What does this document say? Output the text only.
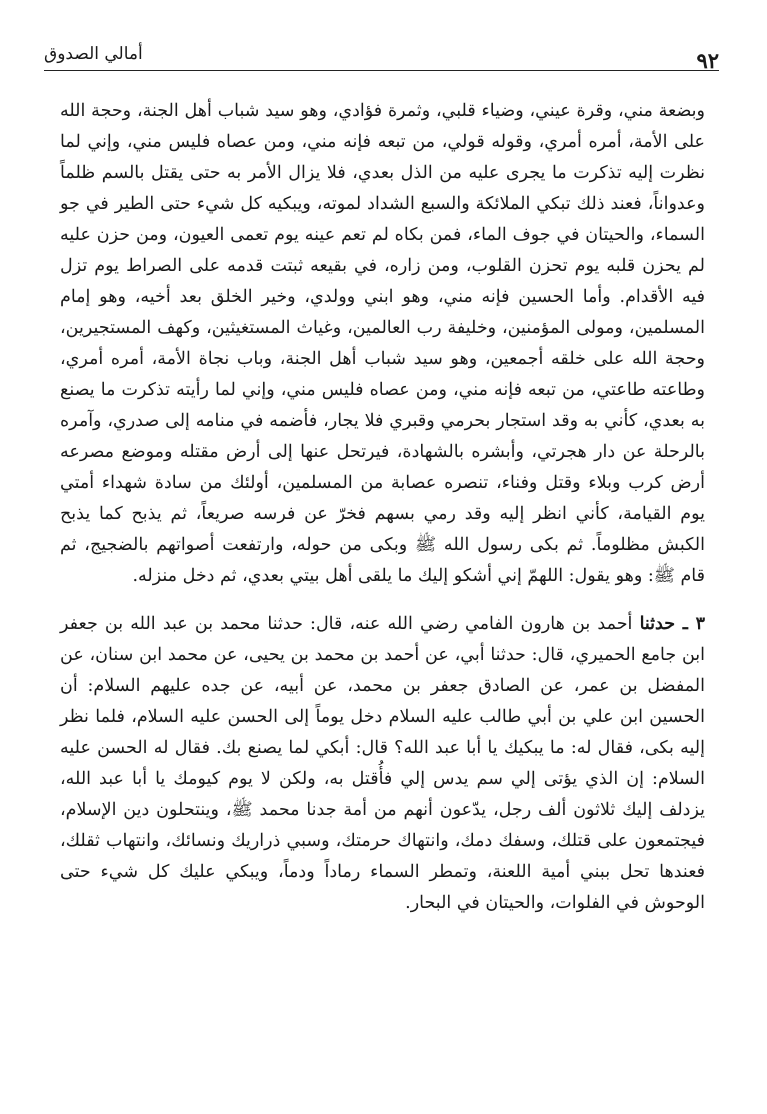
أمالي الصدوق	٩٢

وبضعة مني، وقرة عيني، وضياء قلبي، وثمرة فؤادي، وهو سيد شباب أهل الجنة، وحجة الله على الأمة، أمره أمري، وقوله قولي، من تبعه فإنه مني، ومن عصاه فليس مني، وإني لما نظرت إليه تذكرت ما يجرى عليه من الذل بعدي، فلا يزال الأمر به حتى يقتل بالسم ظلماً وعدواناً، فعند ذلك تبكي الملائكة والسبع الشداد لموته، ويبكيه كل شيء حتى الطير في جو السماء، والحيتان في جوف الماء، فمن بكاه لم تعم عينه يوم تعمى العيون، ومن حزن عليه لم يحزن قلبه يوم تحزن القلوب، ومن زاره، في بقيعه ثبتت قدمه على الصراط يوم تزل فيه الأقدام. وأما الحسين فإنه مني، وهو ابني وولدي، وخير الخلق بعد أخيه، وهو إمام المسلمين، ومولى المؤمنين، وخليفة رب العالمين، وغياث المستغيثين، وكهف المستجيرين، وحجة الله على خلقه أجمعين، وهو سيد شباب أهل الجنة، وباب نجاة الأمة، أمره أمري، وطاعته طاعتي، من تبعه فإنه مني، ومن عصاه فليس مني، وإني لما رأيته تذكرت ما يصنع به بعدي، كأني به وقد استجار بحرمي وقبري فلا يجار، فأضمه في منامه إلى صدري، وآمره بالرحلة عن دار هجرتي، وأبشره بالشهادة، فيرتحل عنها إلى أرض مقتله وموضع مصرعه أرض كرب وبلاء وقتل وفناء، تنصره عصابة من المسلمين، أولئك من سادة شهداء أمتي يوم القيامة، كأني انظر إليه وقد رمي بسهم فخرّ عن فرسه صريعاً، ثم يذبح كما يذبح الكبش مظلوماً. ثم بكى رسول الله ﷺ وبكى من حوله، وارتفعت أصواتهم بالضجيج، ثم قام ﷺ: وهو يقول: اللهمّ إني أشكو إليك ما يلقى أهل بيتي بعدي، ثم دخل منزله.

٣ ـ حدثنا أحمد بن هارون الفامي رضي الله عنه، قال: حدثنا محمد بن عبد الله بن جعفر ابن جامع الحميري، قال: حدثنا أبي، عن أحمد بن محمد بن يحيى، عن محمد ابن سنان، عن المفضل بن عمر، عن الصادق جعفر بن محمد، عن أبيه، عن جده عليهم السلام: أن الحسين ابن علي بن أبي طالب عليه السلام دخل يوماً إلى الحسن عليه السلام، فلما نظر إليه بكى، فقال له: ما يبكيك يا أبا عبد الله؟ قال: أبكي لما يصنع بك. فقال له الحسن عليه السلام: إن الذي يؤتى إلي سم يدس إلي فأُقتل به، ولكن لا يوم كيومك يا أبا عبد الله، يزدلف إليك ثلاثون ألف رجل، يدّعون أنهم من أمة جدنا محمد ﷺ، وينتحلون دين الإسلام، فيجتمعون على قتلك، وسفك دمك، وانتهاك حرمتك، وسبي ذراريك ونسائك، وانتهاب ثقلك، فعندها تحل ببني أمية اللعنة، وتمطر السماء رماداً ودماً، ويبكي عليك كل شيء حتى الوحوش في الفلوات، والحيتان في البحار.
